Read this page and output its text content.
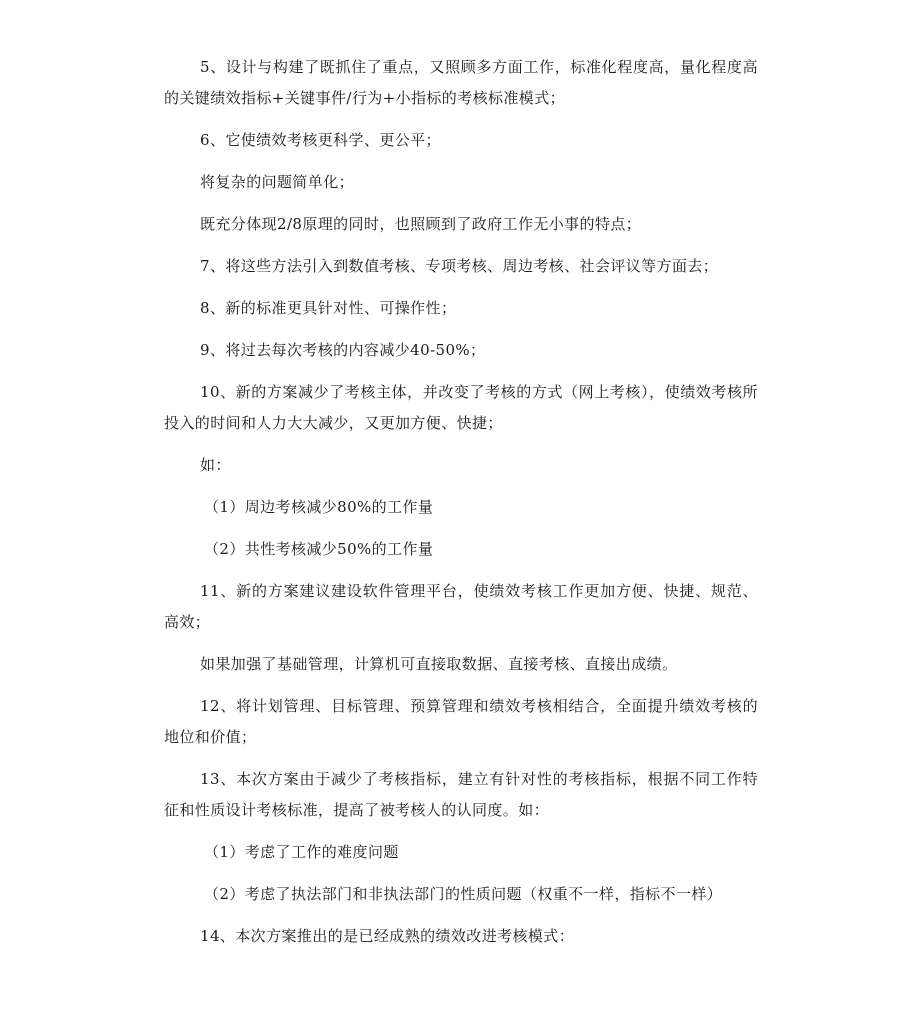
5、设计与构建了既抓住了重点，又照顾多方面工作，标准化程度高，量化程度高的关键绩效指标+关键事件/行为+小指标的考核标准模式；

6、它使绩效考核更科学、更公平；

将复杂的问题简单化；

既充分体现2/8原理的同时，也照顾到了政府工作无小事的特点；

7、将这些方法引入到数值考核、专项考核、周边考核、社会评议等方面去；

8、新的标准更具针对性、可操作性；

9、将过去每次考核的内容减少40-50%；

10、新的方案减少了考核主体，并改变了考核的方式（网上考核），使绩效考核所投入的时间和人力大大减少，又更加方便、快捷；

如：

（1）周边考核减少80%的工作量

（2）共性考核减少50%的工作量

11、新的方案建议建设软件管理平台，使绩效考核工作更加方便、快捷、规范、高效；

如果加强了基础管理，计算机可直接取数据、直接考核、直接出成绩。

12、将计划管理、目标管理、预算管理和绩效考核相结合，全面提升绩效考核的地位和价值；

13、本次方案由于减少了考核指标，建立有针对性的考核指标，根据不同工作特征和性质设计考核标准，提高了被考核人的认同度。如：

（1）考虑了工作的难度问题

（2）考虑了执法部门和非执法部门的性质问题（权重不一样，指标不一样）

14、本次方案推出的是已经成熟的绩效改进考核模式：
